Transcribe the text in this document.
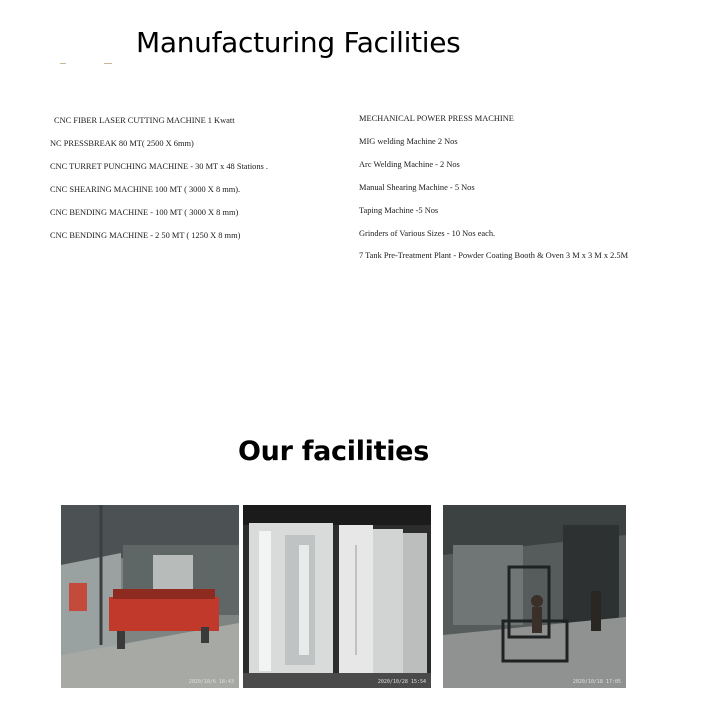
Manufacturing Facilities
CNC FIBER LASER CUTTING MACHINE 1 Kwatt
NC PRESSBREAK 80 MT( 2500 X 6mm)
CNC TURRET PUNCHING MACHINE - 30 MT x 48 Stations .
CNC SHEARING MACHINE 100 MT ( 3000 X 8 mm).
CNC BENDING MACHINE - 100 MT ( 3000 X 8 mm)
CNC BENDING MACHINE - 2 50 MT ( 1250 X 8 mm)
MECHANICAL POWER PRESS MACHINE
MIG welding Machine 2 Nos
Arc Welding Machine - 2 Nos
Manual Shearing Machine - 5 Nos
Taping Machine -5 Nos
Grinders of Various Sizes - 10 Nos each.
7 Tank Pre-Treatment Plant - Powder Coating Booth & Oven 3 M x 3 M x 2.5M
Our facilities
2020/10/6 18:43	2020/10/28 15:54	2020/10/18 17:05
